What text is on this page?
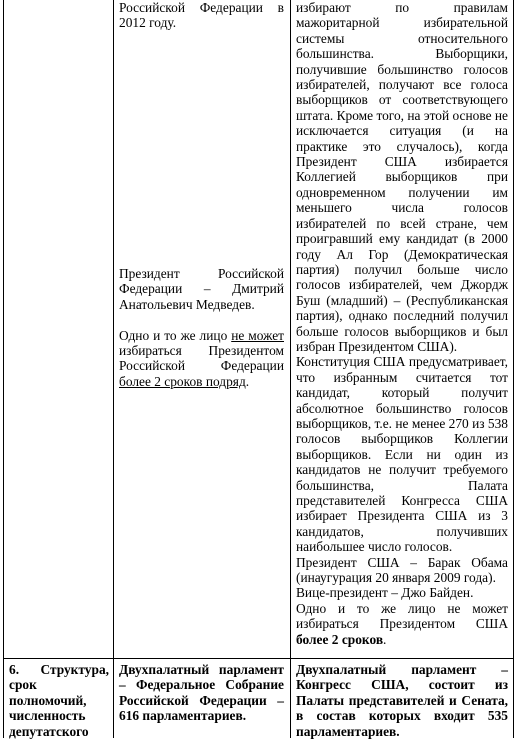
Российской Федерации в 2012 году.

Президент Российской Федерации – Дмитрий Анатольевич Медведев.

Одно и то же лицо не может избираться Президентом Российской Федерации более 2 сроков подряд.

избирают по правилам мажоритарной избирательной системы относительного большинства. Выборщики, получившие большинство голосов избирателей, получают все голоса выборщиков от соответствующего штата. Кроме того, на этой основе не исключается ситуация (и на практике это случалось), когда Президент США избирается Коллегией выборщиков при одновременном получении им меньшего числа голосов избирателей по всей стране, чем проигравший ему кандидат (в 2000 году Ал Гор (Демократическая партия) получил больше число голосов избирателей, чем Джордж Буш (младший) – (Республиканская партия), однако последний получил больше голосов выборщиков и был избран Президентом США).

Конституция США предусматривает, что избранным считается тот кандидат, который получит абсолютное большинство голосов выборщиков, т.е. не менее 270 из 538 голосов выборщиков Коллегии выборщиков. Если ни один из кандидатов не получит требуемого большинства, Палата представителей Конгресса США избирает Президента США из 3 кандидатов, получивших наибольшее число голосов.

Президент США – Барак Обама (инаугурация 20 января 2009 года).

Вице-президент – Джо Байден.

Одно и то же лицо не может избираться Президентом США более 2 сроков.

6. Структура, срок полномочий, численность депутатского
Двухпалатный парламент – Федеральное Собрание Российской Федерации – 616 парламентариев.
Двухпалатный парламент – Конгресс США, состоит из Палаты представителей и Сената, в состав которых входит 535 парламентариев.
